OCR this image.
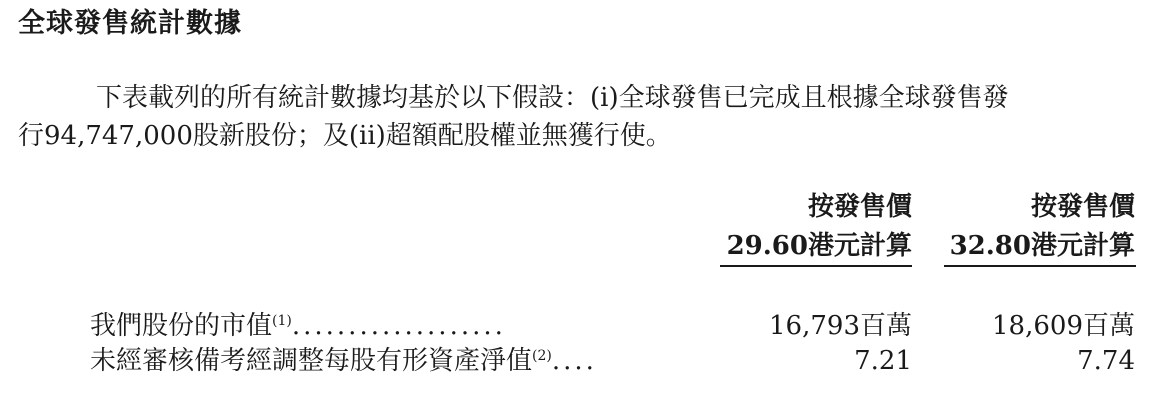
全球發售統計數據
下表載列的所有統計數據均基於以下假設：(i)全球發售已完成且根據全球發售發
行94,747,000股新股份；及(ii)超額配股權並無獲行使。
按發售價
29.60港元計算
按發售價
32.80港元計算
我們股份的市值$^{(1)}$...................	16,793百萬	18,609百萬
未經審核備考經調整每股有形資產淨值$^{(2)}$....	7.21	7.74
